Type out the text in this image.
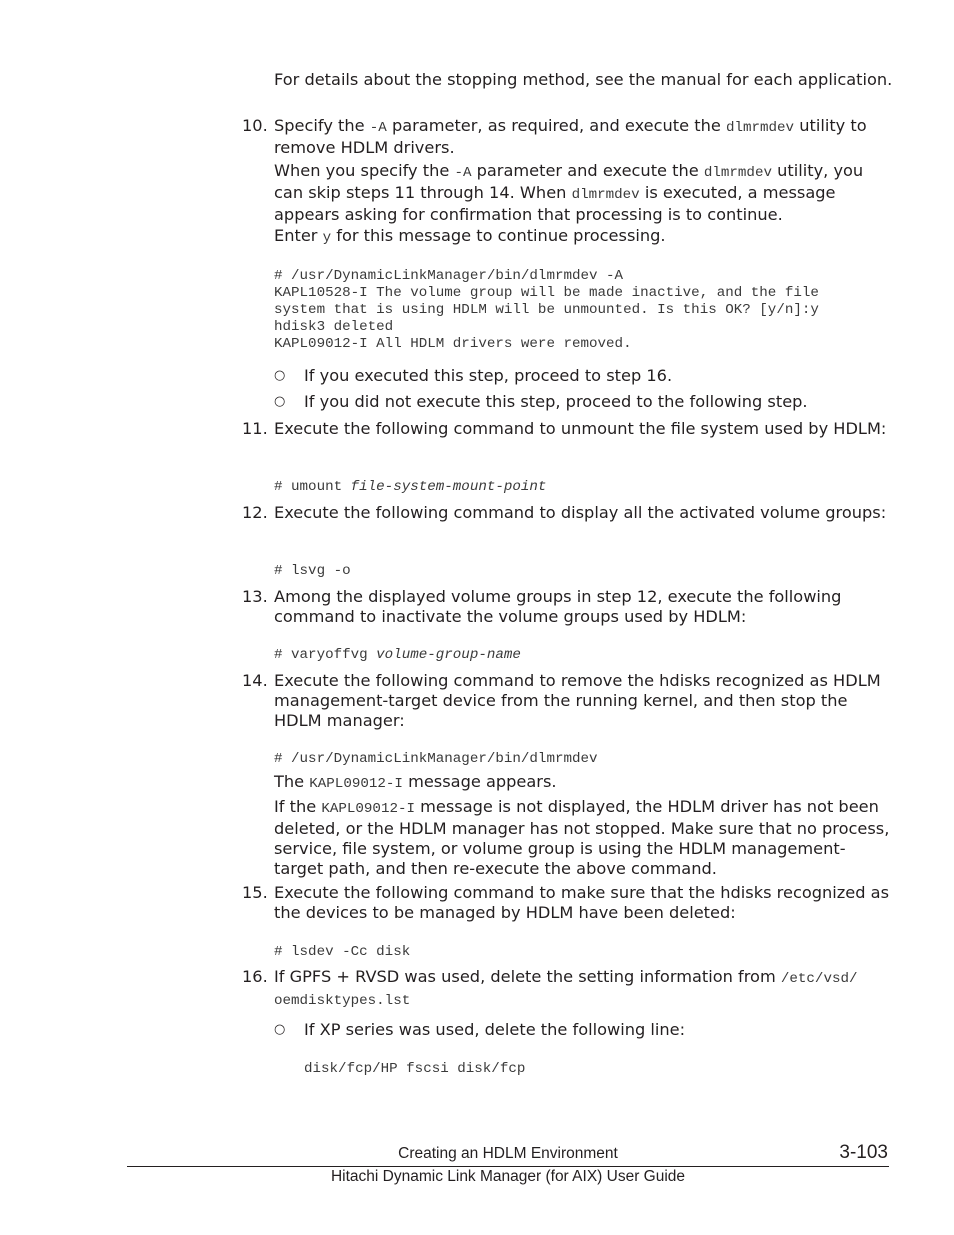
For details about the stopping method, see the manual for each application.

10. Specify the -A parameter, as required, and execute the dlmrmdev utility to remove HDLM drivers.

When you specify the -A parameter and execute the dlmrmdev utility, you can skip steps 11 through 14. When dlmrmdev is executed, a message appears asking for confirmation that processing is to continue.

Enter y for this message to continue processing.

# /usr/DynamicLinkManager/bin/dlmrmdev -A
KAPL10528-I The volume group will be made inactive, and the file
system that is using HDLM will be unmounted. Is this OK? [y/n]:y
hdisk3 deleted
KAPL09012-I All HDLM drivers were removed.
○ If you executed this step, proceed to step 16.

○ If you did not execute this step, proceed to the following step.

11. Execute the following command to unmount the file system used by HDLM:

# umount file-system-mount-point
12. Execute the following command to display all the activated volume groups:

# lsvg -o
13. Among the displayed volume groups in step 12, execute the following command to inactivate the volume groups used by HDLM:

# varyoffvg volume-group-name
14. Execute the following command to remove the hdisks recognized as HDLM management-target device from the running kernel, and then stop the HDLM manager:

# /usr/DynamicLinkManager/bin/dlmrmdev

The KAPL09012-I message appears.

If the KAPL09012-I message is not displayed, the HDLM driver has not been deleted, or the HDLM manager has not stopped. Make sure that no process, service, file system, or volume group is using the HDLM management-target path, and then re-execute the above command.

15. Execute the following command to make sure that the hdisks recognized as the devices to be managed by HDLM have been deleted:

# lsdev -Cc disk
16. If GPFS + RVSD was used, delete the setting information from /etc/vsd/
oemdisktypes.lst

○ If XP series was used, delete the following line:

disk/fcp/HP fscsi disk/fcp
Creating an HDLM Environment	3-103
Hitachi Dynamic Link Manager (for AIX) User Guide
